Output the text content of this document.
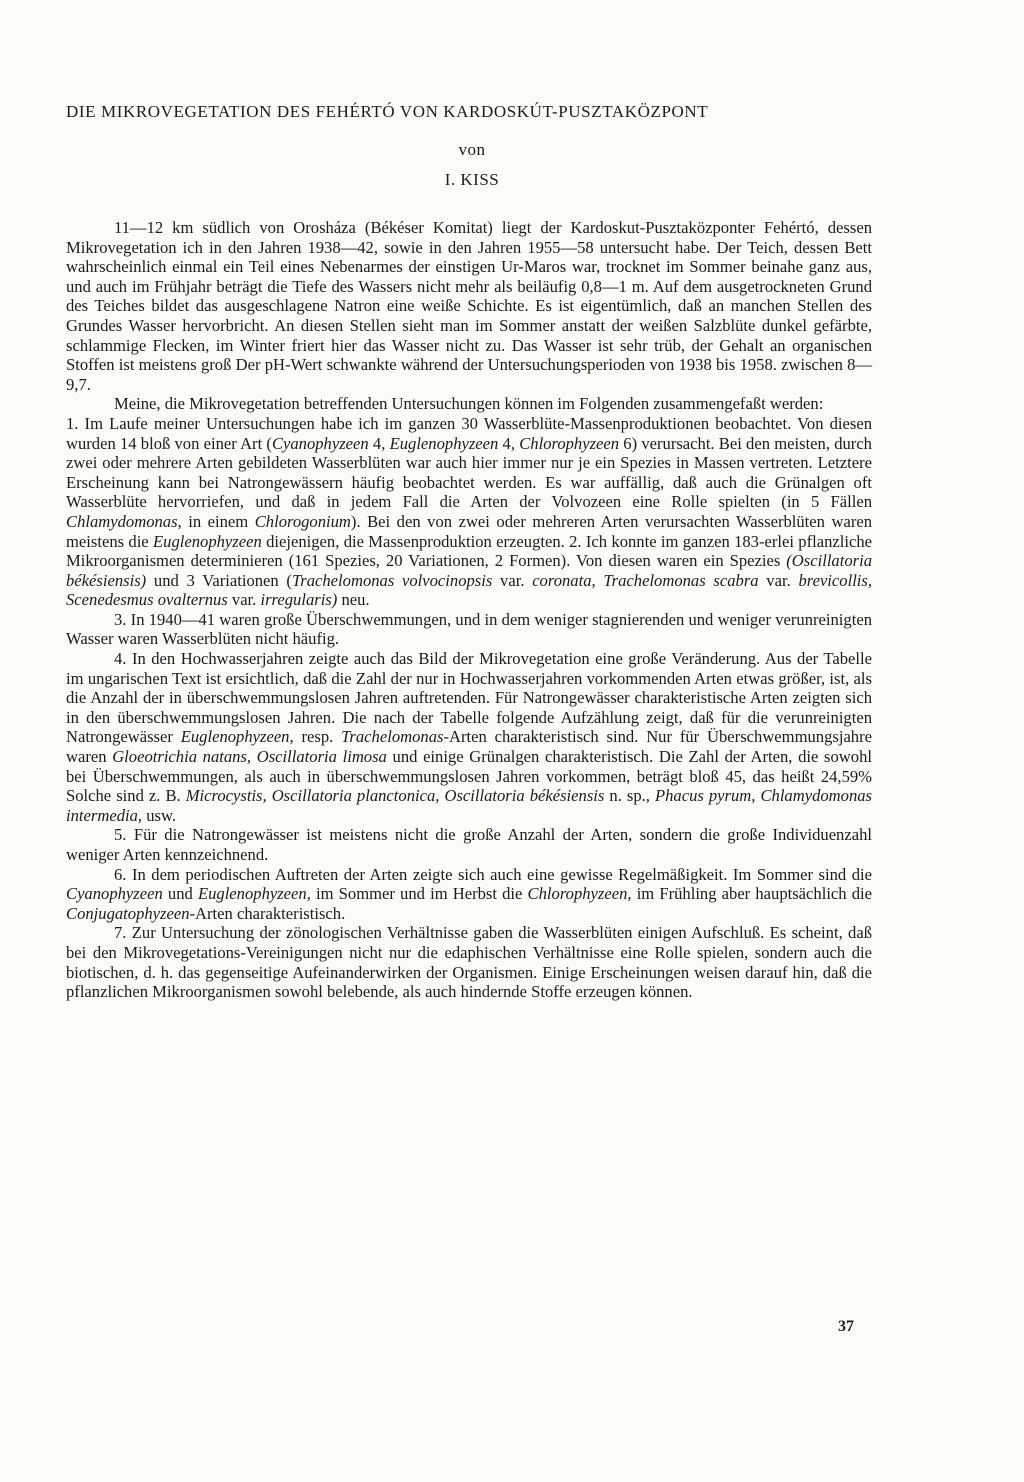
DIE MIKROVEGETATION DES FEHÉRTÓ VON KARDOSKÚT-PUSZTAKÖZPONT
von
I. KISS

11—12 km südlich von Orosháza (Békéser Komitat) liegt der Kardoskut-Pusztaközponter Fehértó, dessen Mikrovegetation ich in den Jahren 1938—42, sowie in den Jahren 1955—58 untersucht habe. Der Teich, dessen Bett wahrscheinlich einmal ein Teil eines Nebenarmes der einstigen Ur-Maros war, trocknet im Sommer beinahe ganz aus, und auch im Frühjahr beträgt die Tiefe des Wassers nicht mehr als beiläufig 0,8—1 m. Auf dem ausgetrockneten Grund des Teiches bildet das ausgeschlagene Natron eine weiße Schichte. Es ist eigentümlich, daß an manchen Stellen des Grundes Wasser hervorbricht. An diesen Stellen sieht man im Sommer anstatt der weißen Salzblüte dunkel gefärbte, schlammige Flecken, im Winter friert hier das Wasser nicht zu. Das Wasser ist sehr trüb, der Gehalt an organischen Stoffen ist meistens groß Der pH-Wert schwankte während der Untersuchungsperioden von 1938 bis 1958. zwischen 8—9,7.

Meine, die Mikrovegetation betreffenden Untersuchungen können im Folgenden zusammengefaßt werden:

1. Im Laufe meiner Untersuchungen habe ich im ganzen 30 Wasserblüte-Massenproduktionen beobachtet. Von diesen wurden 14 bloß von einer Art (Cyanophyzeen 4, Euglenophyzeen 4, Chlorophyzeen 6) verursacht. Bei den meisten, durch zwei oder mehrere Arten gebildeten Wasserblüten war auch hier immer nur je ein Spezies in Massen vertreten. Letztere Erscheinung kann bei Natrongewässern häufig beobachtet werden. Es war auffällig, daß auch die Grünalgen oft Wasserblüte hervorriefen, und daß in jedem Fall die Arten der Volvozeen eine Rolle spielten (in 5 Fällen Chlamydomonas, in einem Chlorogonium). Bei den von zwei oder mehreren Arten verursachten Wasserblüten waren meistens die Euglenophyzeen diejenigen, die Massenproduktion erzeugten. 2. Ich konnte im ganzen 183-erlei pflanzliche Mikroorganismen determinieren (161 Spezies, 20 Variationen, 2 Formen). Von diesen waren ein Spezies (Oscillatoria békésiensis) und 3 Variationen (Trachelomonas volvocinopsis var. coronata, Trachelomonas scabra var. brevicollis, Scenedesmus ovalternus var. irregularis) neu.

3. In 1940—41 waren große Überschwemmungen, und in dem weniger stagnierenden und weniger verunreinigten Wasser waren Wasserblüten nicht häufig.

4. In den Hochwasserjahren zeigte auch das Bild der Mikrovegetation eine große Veränderung. Aus der Tabelle im ungarischen Text ist ersichtlich, daß die Zahl der nur in Hochwasserjahren vorkommenden Arten etwas größer, ist, als die Anzahl der in überschwemmungslosen Jahren auftretenden. Für Natrongewässer charakteristische Arten zeigten sich in den überschwemmungslosen Jahren. Die nach der Tabelle folgende Aufzählung zeigt, daß für die verunreinigten Natrongewässer Euglenophyzeen, resp. Trachelomonas-Arten charakteristisch sind. Nur für Überschwemmungsjahre waren Gloeotrichia natans, Oscillatoria limosa und einige Grünalgen charakteristisch. Die Zahl der Arten, die sowohl bei Überschwemmungen, als auch in überschwemmungslosen Jahren vorkommen, beträgt bloß 45, das heißt 24,59% Solche sind z. B. Microcystis, Oscillatoria planctonica, Oscillatoria békésiensis n. sp., Phacus pyrum, Chlamydomonas intermedia, usw.

5. Für die Natrongewässer ist meistens nicht die große Anzahl der Arten, sondern die große Individuenzahl weniger Arten kennzeichnend.

6. In dem periodischen Auftreten der Arten zeigte sich auch eine gewisse Regelmäßigkeit. Im Sommer sind die Cyanophyzeen und Euglenophyzeen, im Sommer und im Herbst die Chlorophyzeen, im Frühling aber hauptsächlich die Conjugatophyzeen-Arten charakteristisch.

7. Zur Untersuchung der zönologischen Verhältnisse gaben die Wasserblüten einigen Aufschluß. Es scheint, daß bei den Mikrovegetations-Vereinigungen nicht nur die edaphischen Verhältnisse eine Rolle spielen, sondern auch die biotischen, d. h. das gegenseitige Aufeinanderwirken der Organismen. Einige Erscheinungen weisen darauf hin, daß die pflanzlichen Mikroorganismen sowohl belebende, als auch hindernde Stoffe erzeugen können.

37
